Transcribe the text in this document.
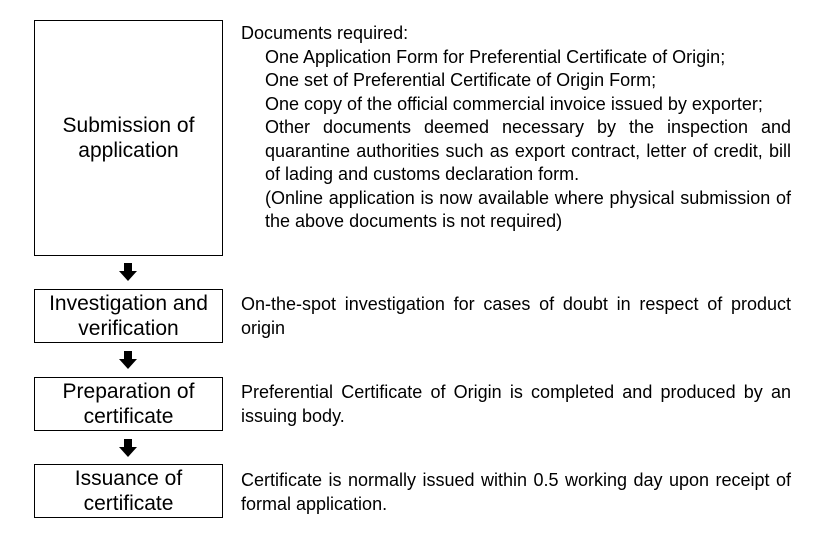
Submission of application
Documents required:
One Application Form for Preferential Certificate of Origin;
One set of Preferential Certificate of Origin Form;
One copy of the official commercial invoice issued by exporter;
Other documents deemed necessary by the inspection and quarantine authorities such as export contract, letter of credit, bill of lading and customs declaration form.
(Online application is now available where physical submission of the above documents is not required)
Investigation and verification
On-the-spot investigation for cases of doubt in respect of product origin
Preparation of certificate
Preferential Certificate of Origin is completed and produced by an issuing body.
Issuance of certificate
Certificate is normally issued within 0.5 working day upon receipt of formal application.
